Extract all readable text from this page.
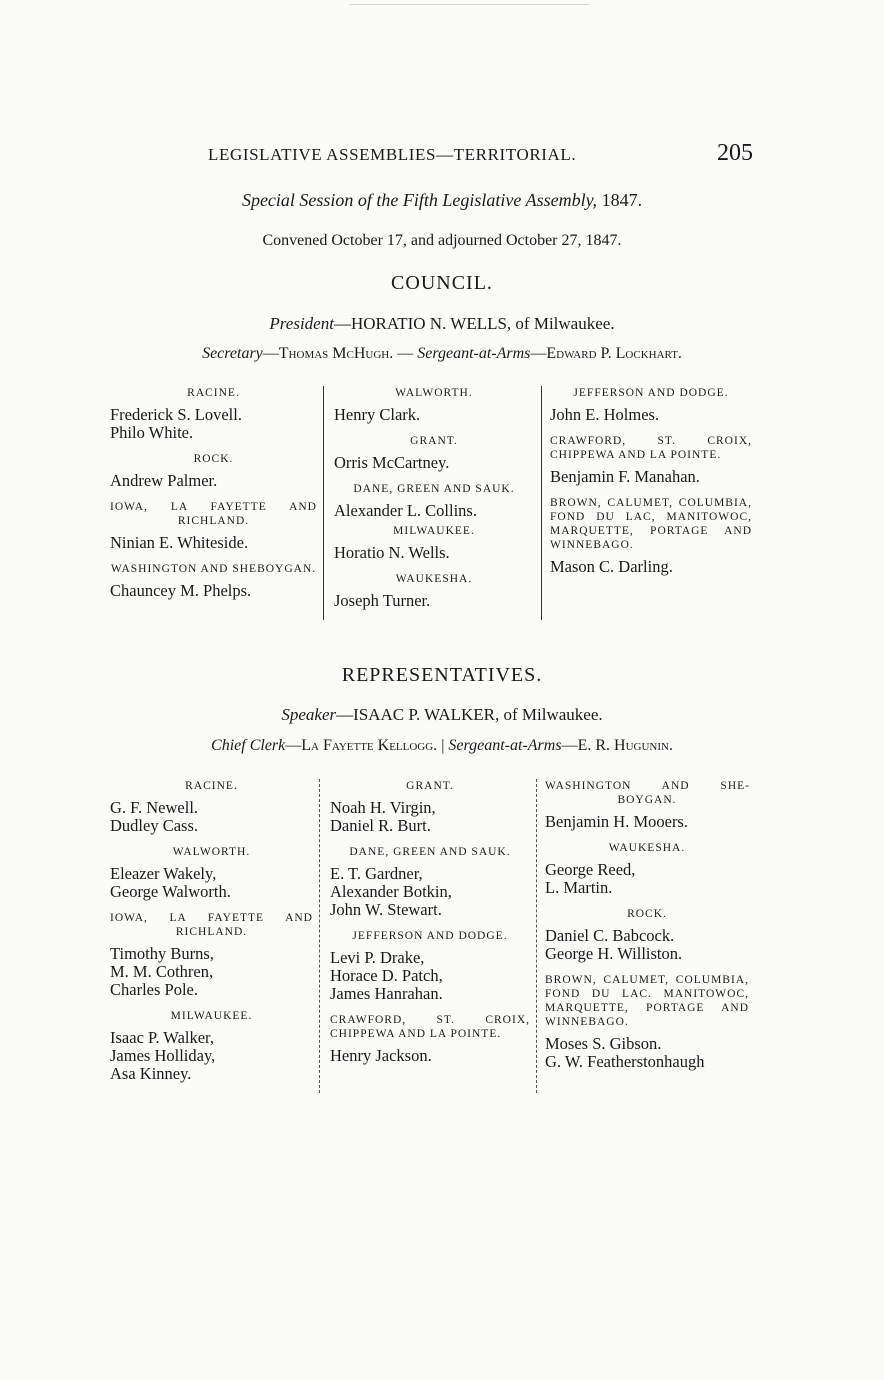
LEGISLATIVE ASSEMBLIES—TERRITORIAL.	205
Special Session of the Fifth Legislative Assembly, 1847.
Convened October 17, and adjourned October 27, 1847.
COUNCIL.
President—HORATIO N. WELLS, of Milwaukee.
Secretary—Thomas McHugh. — Sergeant-at-Arms—Edward P. Lockhart.
RACINE.
Frederick S. Lovell.
Philo White.
ROCK.
Andrew Palmer.
IOWA, LA FAYETTE AND RICHLAND.
Ninian E. Whiteside.
WASHINGTON AND SHEBOYGAN.
Chauncey M. Phelps.
WALWORTH.
Henry Clark.
GRANT.
Orris McCartney.
DANE, GREEN AND SAUK.
Alexander L. Collins.
MILWAUKEE.
Horatio N. Wells.
WAUKESHA.
Joseph Turner.
JEFFERSON AND DODGE.
John E. Holmes.
CRAWFORD, ST. CROIX, CHIPPEWA AND LA POINTE.
Benjamin F. Manahan.
BROWN, CALUMET, COLUMBIA, FOND DU LAC, MANITOWOC, MARQUETTE, PORTAGE AND WINNEBAGO.
Mason C. Darling.
REPRESENTATIVES.
Speaker—ISAAC P. WALKER, of Milwaukee.
Chief Clerk—La Fayette Kellogg. | Sergeant-at-Arms—E. R. Hugunin.
RACINE.
G. F. Newell.
Dudley Cass.
WALWORTH.
Eleazer Wakely,
George Walworth.
IOWA, LA FAYETTE AND RICHLAND.
Timothy Burns,
M. M. Cothren,
Charles Pole.
MILWAUKEE.
Isaac P. Walker,
James Holliday,
Asa Kinney.
GRANT.
Noah H. Virgin,
Daniel R. Burt.
DANE, GREEN AND SAUK.
E. T. Gardner,
Alexander Botkin,
John W. Stewart.
JEFFERSON AND DODGE.
Levi P. Drake,
Horace D. Patch,
James Hanrahan.
CRAWFORD, ST. CROIX, CHIPPEWA AND LA POINTE.
Henry Jackson.
WASHINGTON AND SHEBOYGAN.
Benjamin H. Mooers.
WAUKESHA.
George Reed,
L. Martin.
ROCK.
Daniel C. Babcock.
George H. Williston.
BROWN, CALUMET, COLUMBIA, FOND DU LAC. MANITOWOC, MARQUETTE, PORTAGE AND WINNEBAGO.
Moses S. Gibson.
G. W. Featherstonhaugh
